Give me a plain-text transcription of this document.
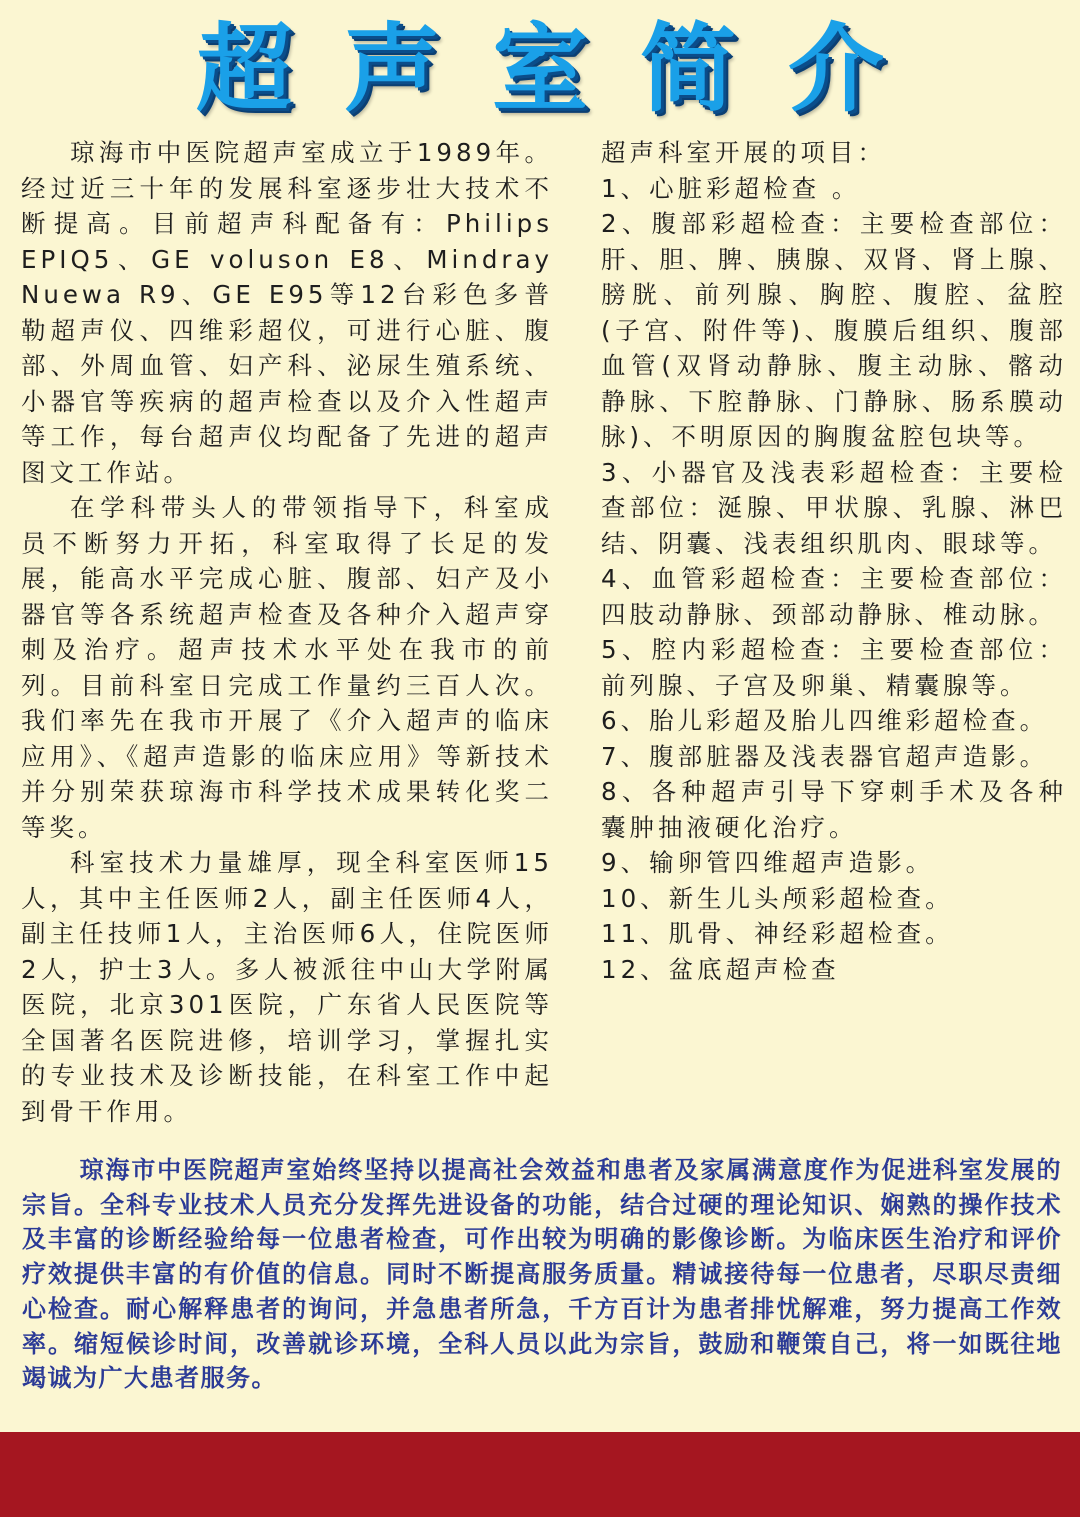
超声室简介

琼海市中医院超声室成立于1989年。经过近三十年的发展科室逐步壮大技术不断提高。目前超声科配备有：Philips EPIQ5、GE voluson E8、Mindray Nuewa R9、GE E95等12台彩色多普勒超声仪、四维彩超仪，可进行心脏、腹部、外周血管、妇产科、泌尿生殖系统、小器官等疾病的超声检查以及介入性超声等工作，每台超声仪均配备了先进的超声图文工作站。

在学科带头人的带领指导下，科室成员不断努力开拓，科室取得了长足的发展，能高水平完成心脏、腹部、妇产及小器官等各系统超声检查及各种介入超声穿刺及治疗。超声技术水平处在我市的前列。目前科室日完成工作量约三百人次。我们率先在我市开展了《介入超声的临床应用》、《超声造影的临床应用》等新技术并分别荣获琼海市科学技术成果转化奖二等奖。

科室技术力量雄厚，现全科室医师15人，其中主任医师2人，副主任医师4人，副主任技师1人，主治医师6人，住院医师2人，护士3人。多人被派往中山大学附属医院，北京301医院，广东省人民医院等全国著名医院进修，培训学习，掌握扎实的专业技术及诊断技能，在科室工作中起到骨干作用。

超声科室开展的项目：

1、心脏彩超检查 。

2、腹部彩超检查：主要检查部位：肝、胆、脾、胰腺、双肾、肾上腺、膀胱、前列腺、胸腔、腹腔、盆腔(子宫、附件等)、腹膜后组织、腹部血管(双肾动静脉、腹主动脉、髂动静脉、下腔静脉、门静脉、肠系膜动脉)、不明原因的胸腹盆腔包块等。

3、小器官及浅表彩超检查：主要检查部位：涎腺、甲状腺、乳腺、淋巴结、阴囊、浅表组织肌肉、眼球等。

4、血管彩超检查：主要检查部位：四肢动静脉、颈部动静脉、椎动脉。

5、腔内彩超检查：主要检查部位：前列腺、子宫及卵巢、精囊腺等。

6、胎儿彩超及胎儿四维彩超检查。

7、腹部脏器及浅表器官超声造影。

8、各种超声引导下穿刺手术及各种囊肿抽液硬化治疗。

9、输卵管四维超声造影。

10、新生儿头颅彩超检查。

11、肌骨、神经彩超检查。

12、盆底超声检查

琼海市中医院超声室始终坚持以提高社会效益和患者及家属满意度作为促进科室发展的宗旨。全科专业技术人员充分发挥先进设备的功能，结合过硬的理论知识、娴熟的操作技术及丰富的诊断经验给每一位患者检查，可作出较为明确的影像诊断。为临床医生治疗和评价疗效提供丰富的有价值的信息。同时不断提高服务质量。精诚接待每一位患者，尽职尽责细心检查。耐心解释患者的询问，并急患者所急，千方百计为患者排忧解难，努力提高工作效率。缩短候诊时间，改善就诊环境，全科人员以此为宗旨，鼓励和鞭策自己，将一如既往地竭诚为广大患者服务。
